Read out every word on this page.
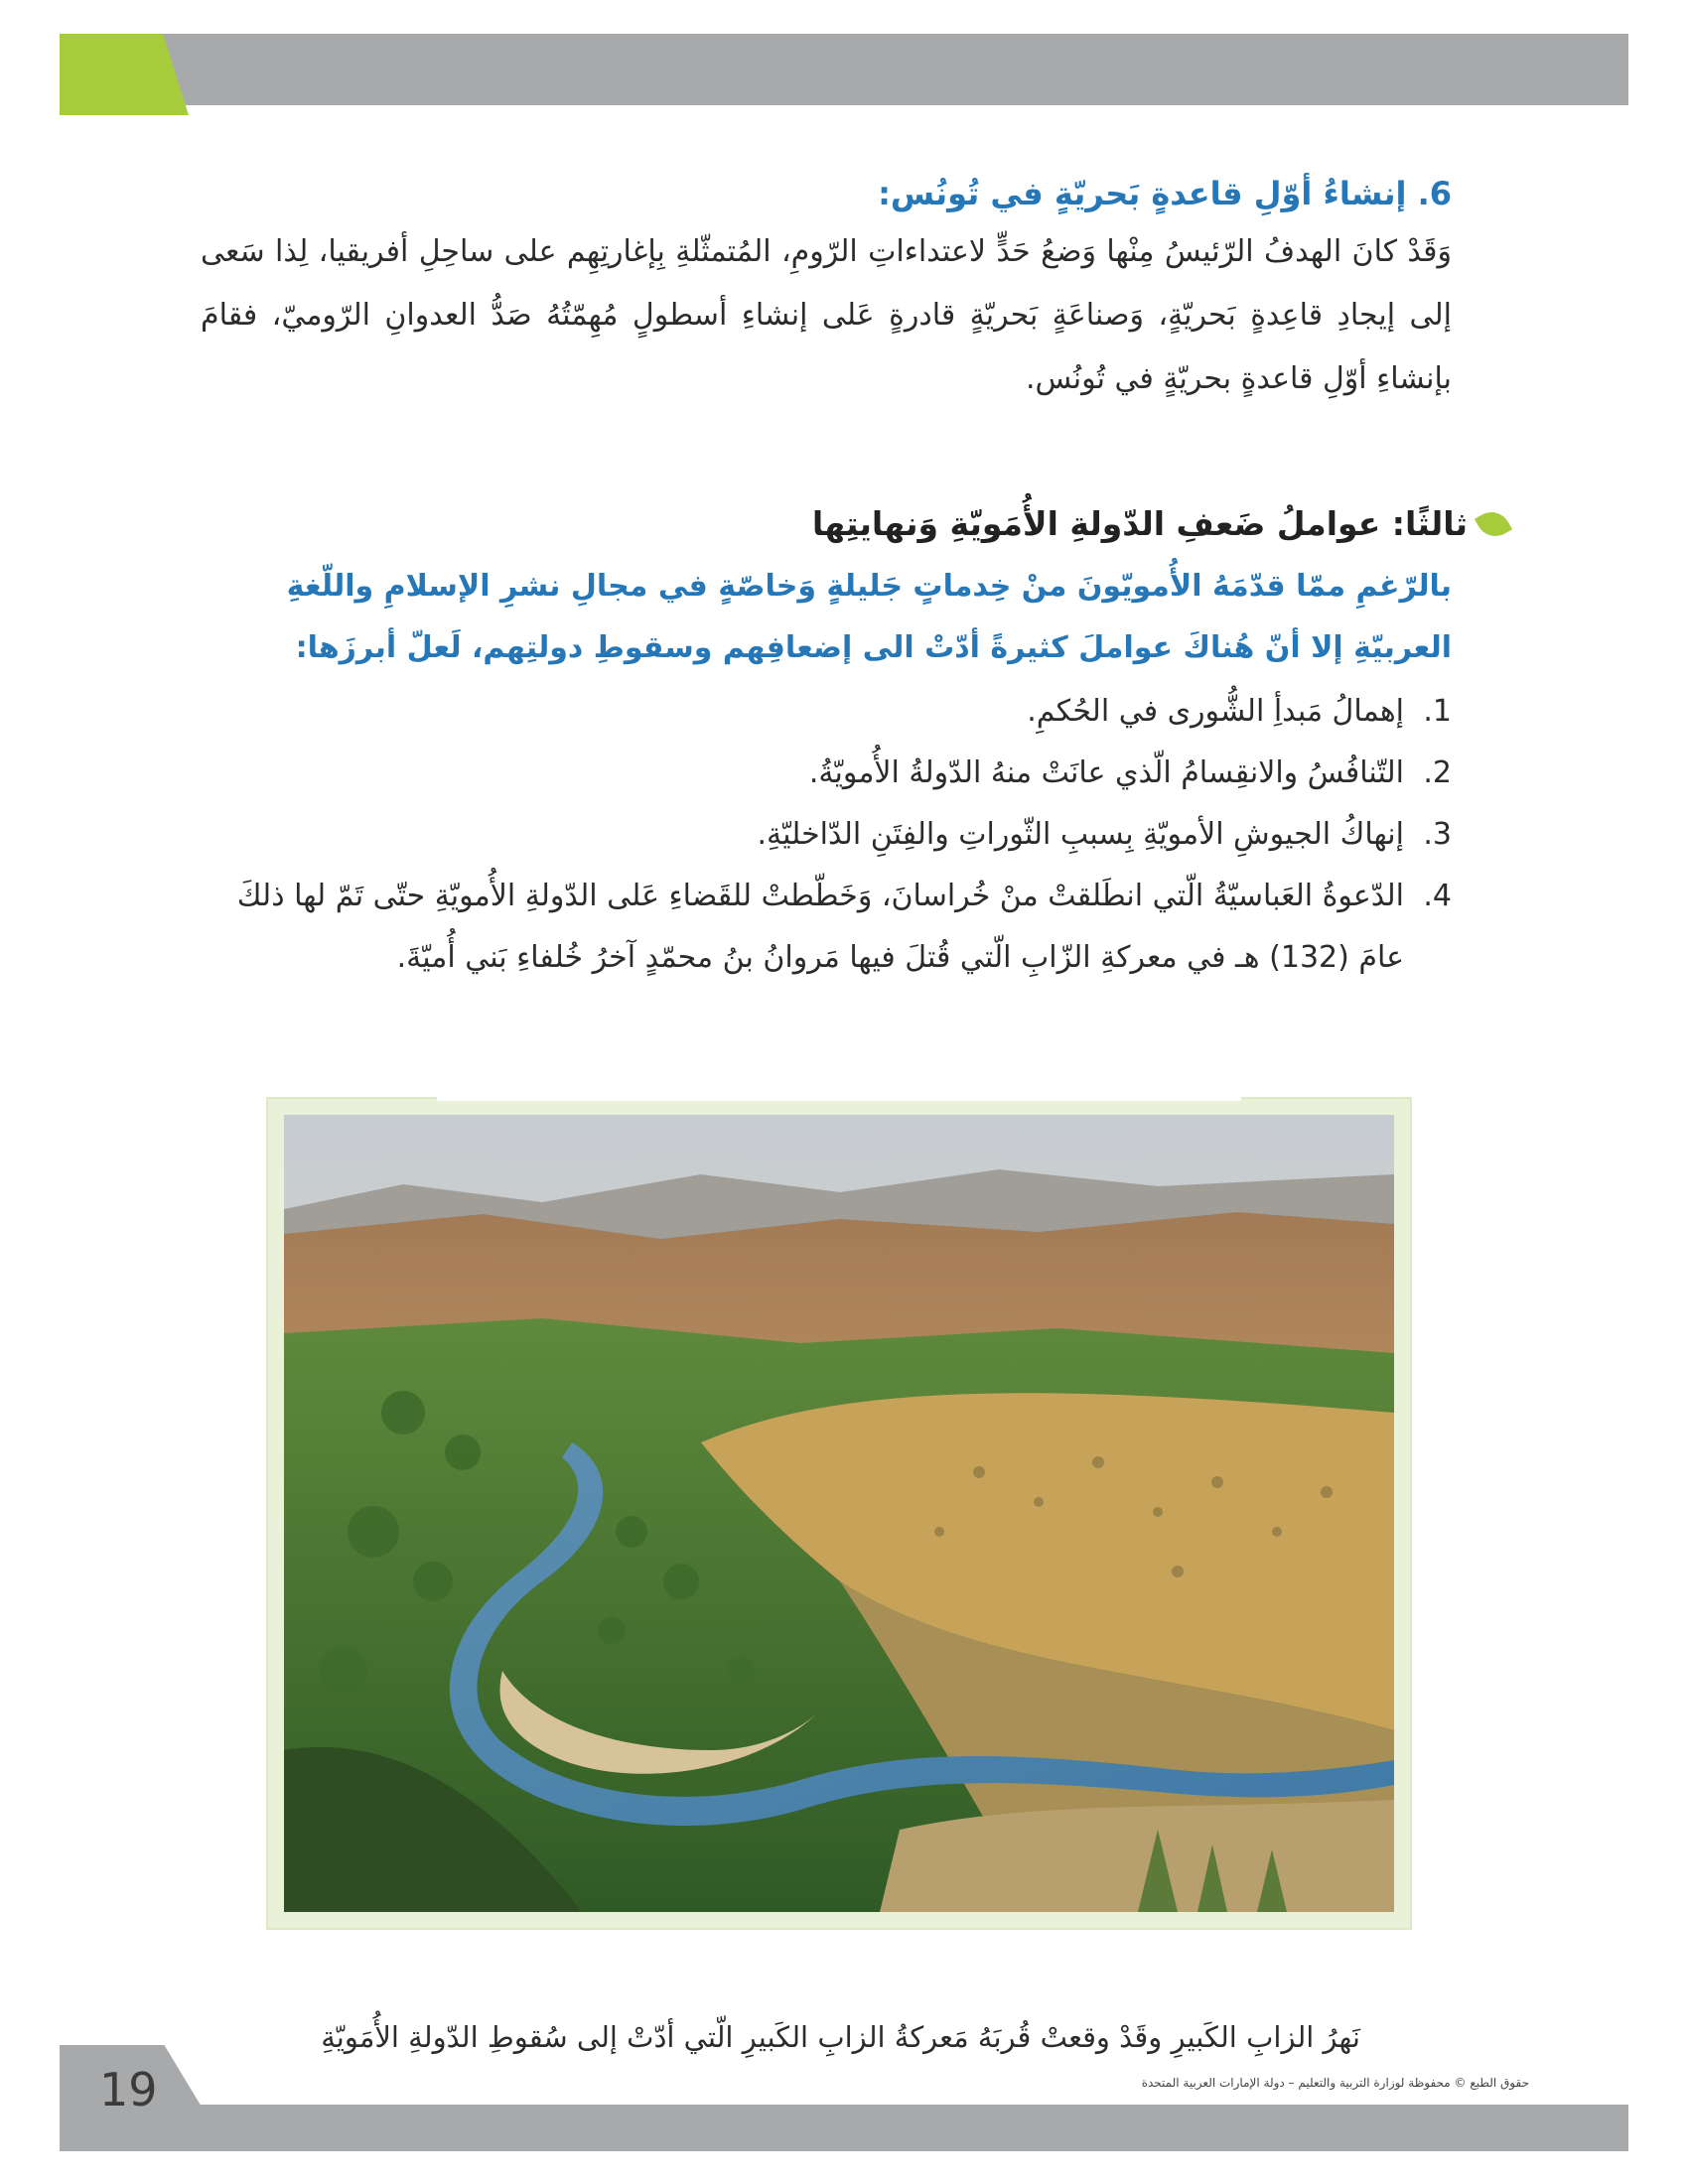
6. إنشاءُ أوّلِ قاعدةٍ بَحريّةٍ في تُونُس:

وَقَدْ كانَ الهدفُ الرّئيسُ مِنْها وَضعُ حَدٍّ لاعتداءاتِ الرّومِ، المُتمثّلةِ بِإغارتِهِم على ساحِلِ أفريقيا، لِذا سَعى إلى إيجادِ قاعِدةٍ بَحريّةٍ، وَصناعَةٍ بَحريّةٍ قادرةٍ عَلى إنشاءِ أسطولٍ مُهِمّتُهُ صَدُّ العدوانِ الرّوميّ، فقامَ بإنشاءِ أوّلِ قاعدةٍ بحريّةٍ في تُونُس.

ثالثًا: عواملُ ضَعفِ الدّولةِ الأُمَويّةِ وَنهايتِها

بالرّغمِ ممّا قدّمَهُ الأُمويّونَ منْ خِدماتٍ جَليلةٍ وَخاصّةٍ في مجالِ نشرِ الإسلامِ واللّغةِ العربيّةِ إلا أنّ هُناكَ عواملَ كثيرةً أدّتْ الى إضعافِهم وسقوطِ دولتِهم، لَعلّ أبرزَها:

1.
إهمالُ مَبدأِ الشُّورى في الحُكمِ.
2.
التّنافُسُ والانقِسامُ الّذي عانَتْ منهُ الدّولةُ الأُمويّةُ.
3.
إنهاكُ الجيوشِ الأمويّةِ بِسببِ الثّوراتِ والفِتَنِ الدّاخليّةِ.
4.
الدّعوةُ العَباسيّةُ الّتي انطَلقتْ منْ خُراسانَ، وَخَطّطتْ للقَضاءِ عَلى الدّولةِ الأُمويّةِ حتّى تَمّ لها ذلكَ عامَ (132) هـ في معركةِ الزّابِ الّتي قُتلَ فيها مَروانُ بنُ محمّدٍ آخرُ خُلفاءِ بَني أُميّةَ.

نَهرُ الزابِ الكَبيرِ وقَدْ وقعتْ قُربَهُ مَعركةُ الزابِ الكَبيرِ الّتي أدّتْ إلى سُقوطِ الدّولةِ الأُمَويّةِ

19	حقوق الطبع © محفوظة لوزارة التربية والتعليم – دولة الإمارات العربية المتحدة
